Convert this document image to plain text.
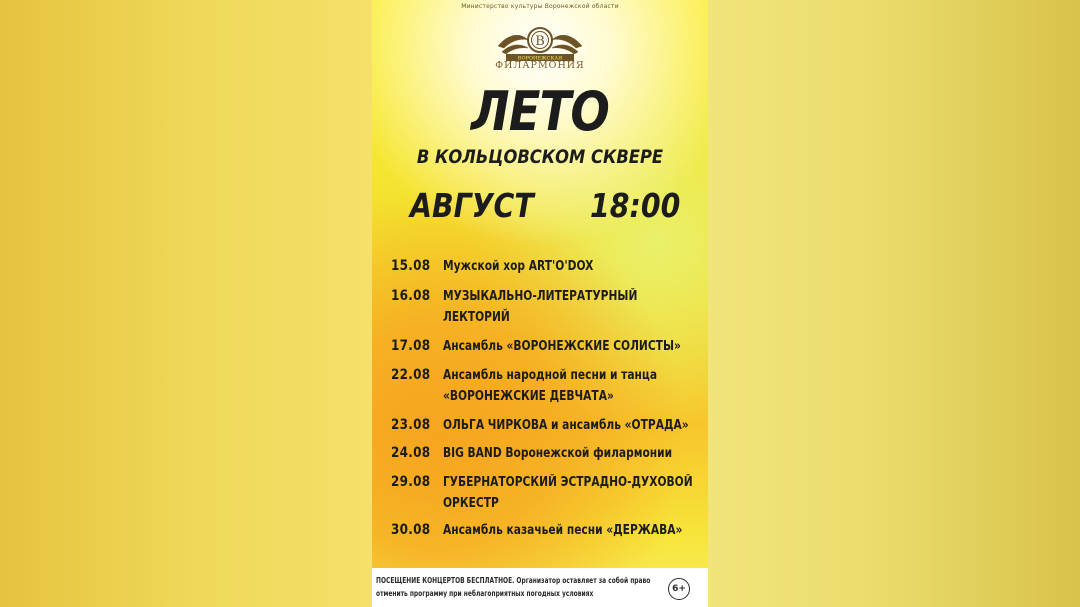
Министерство культуры Воронежской области
В
ВОРОНЕЖСКАЯ
ФИЛАРМОНИЯ
ЛЕТО
В КОЛЬЦОВСКОМ СКВЕРЕ
АВГУСТ 18:00
15.08 Мужской хор ART'O'DOX
16.08 МУЗЫКАЛЬНО-ЛИТЕРАТУРНЫЙ
ЛЕКТОРИЙ
17.08 Ансамбль «ВОРОНЕЖСКИЕ СОЛИСТЫ»
22.08 Ансамбль народной песни и танца
«ВОРОНЕЖСКИЕ ДЕВЧАТА»
23.08 ОЛЬГА ЧИРКОВА и ансамбль «ОТРАДА»
24.08 BIG BAND Воронежской филармонии
29.08 ГУБЕРНАТОРСКИЙ ЭСТРАДНО-ДУХОВОЙ
ОРКЕСТР
30.08 Ансамбль казачьей песни «ДЕРЖАВА»
ПОСЕЩЕНИЕ КОНЦЕРТОВ БЕСПЛАТНОЕ. Организатор оставляет за собой право
отменить программу при неблагоприятных погодных условиях	6+
